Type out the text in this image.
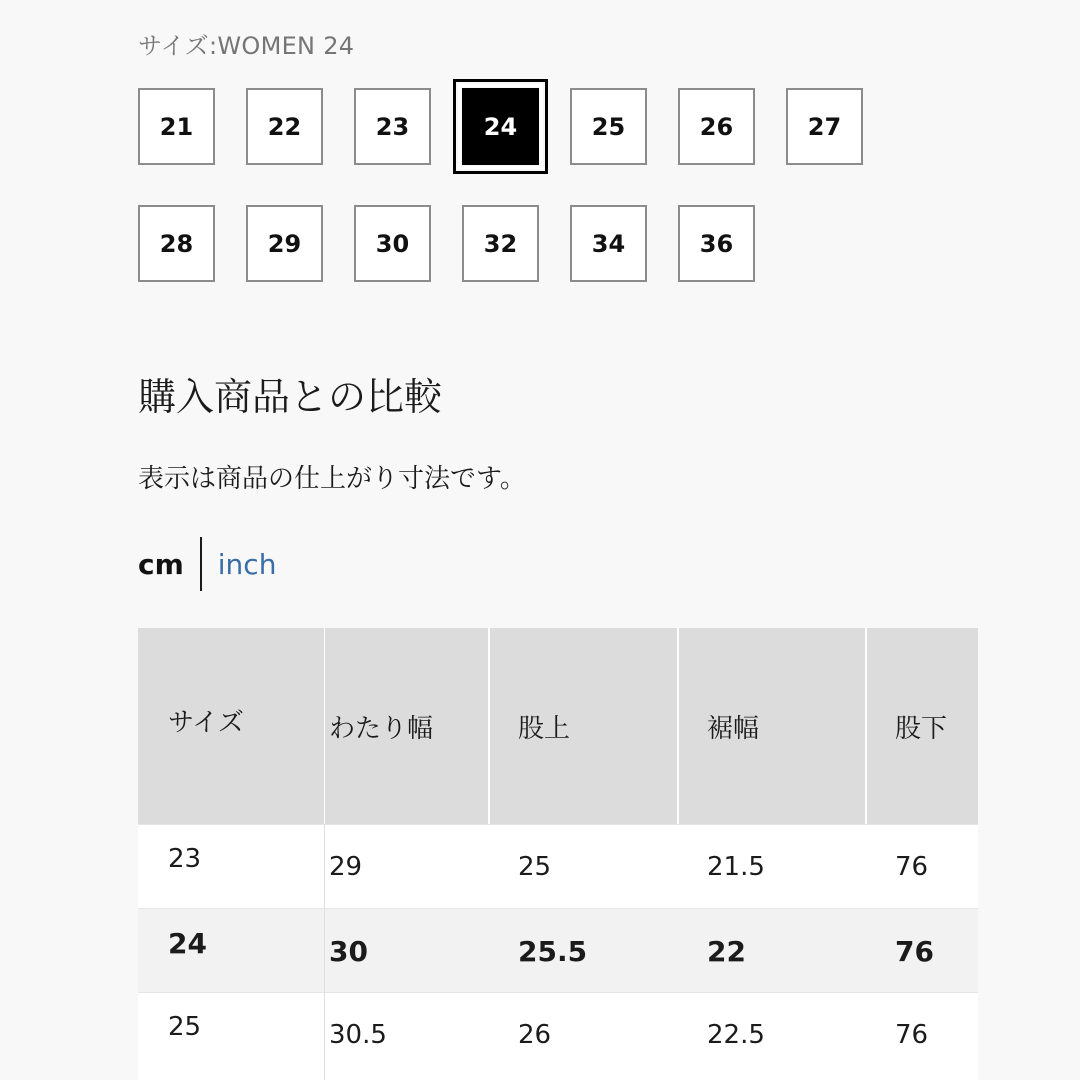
サイズ:WOMEN 24
21	22	23	24	25	26	27
28	29	30	32	34	36
購入商品との比較
表示は商品の仕上がり寸法です。
cm inch
サイズ	わたり幅	股上	裾幅	股下
23	29	25	21.5	76
24	30	25.5	22	76
25	30.5	26	22.5	76
